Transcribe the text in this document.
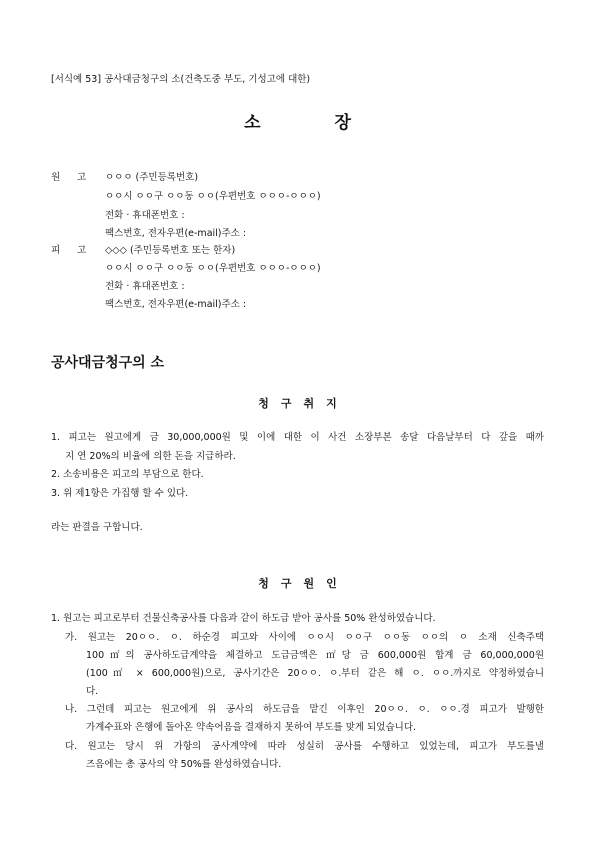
[서식예 53] 공사대금청구의 소(건축도중 부도, 기성고에 대한)
소	장
원 고 ㅇㅇㅇ (주민등록번호)
ㅇㅇ시 ㅇㅇ구 ㅇㅇ동 ㅇㅇ(우편번호 ㅇㅇㅇ-ㅇㅇㅇ)
전화 · 휴대폰번호 :
팩스번호, 전자우편(e-mail)주소 :
피 고 ◇◇◇ (주민등록번호 또는 한자)
ㅇㅇ시 ㅇㅇ구 ㅇㅇ동 ㅇㅇ(우편번호 ㅇㅇㅇ-ㅇㅇㅇ)
전화 · 휴대폰번호 :
팩스번호, 전자우편(e-mail)주소 :
공사대금청구의 소
청 구 취 지
1. 피고는 원고에게 금 30,000,000원 및 이에 대한 이 사건 소장부본 송달 다음날부터 다 갚을 때까
지 연 20%의 비율에 의한 돈을 지급하라.
2. 소송비용은 피고의 부담으로 한다.
3. 위 제1항은 가집행 할 수 있다.
라는 판결을 구합니다.
청 구 원 인
1. 원고는 피고로부터 건물신축공사를 다음과 같이 하도급 받아 공사를 50% 완성하였습니다.
가. 원고는 20ㅇㅇ. ㅇ. 하순경 피고와 사이에 ㅇㅇ시 ㅇㅇ구 ㅇㅇ동 ㅇㅇ의 ㅇ 소재 신축주택
100㎡의 공사하도급계약을 체결하고 도급금액은 ㎡당 금 600,000원 합계 금 60,000,000원
(100㎡ × 600,000원)으로, 공사기간은 20ㅇㅇ. ㅇ.부터 같은 해 ㅇ. ㅇㅇ.까지로 약정하였습니
다.
나. 그런데 피고는 원고에게 위 공사의 하도급을 맡긴 이후인 20ㅇㅇ. ㅇ. ㅇㅇ.경 피고가 발행한
가계수표와 은행에 돌아온 약속어음을 결재하지 못하여 부도를 맞게 되었습니다.
다. 원고는 당시 위 가항의 공사계약에 따라 성실히 공사를 수행하고 있었는데, 피고가 부도를낼
즈음에는 총 공사의 약 50%를 완성하였습니다.
